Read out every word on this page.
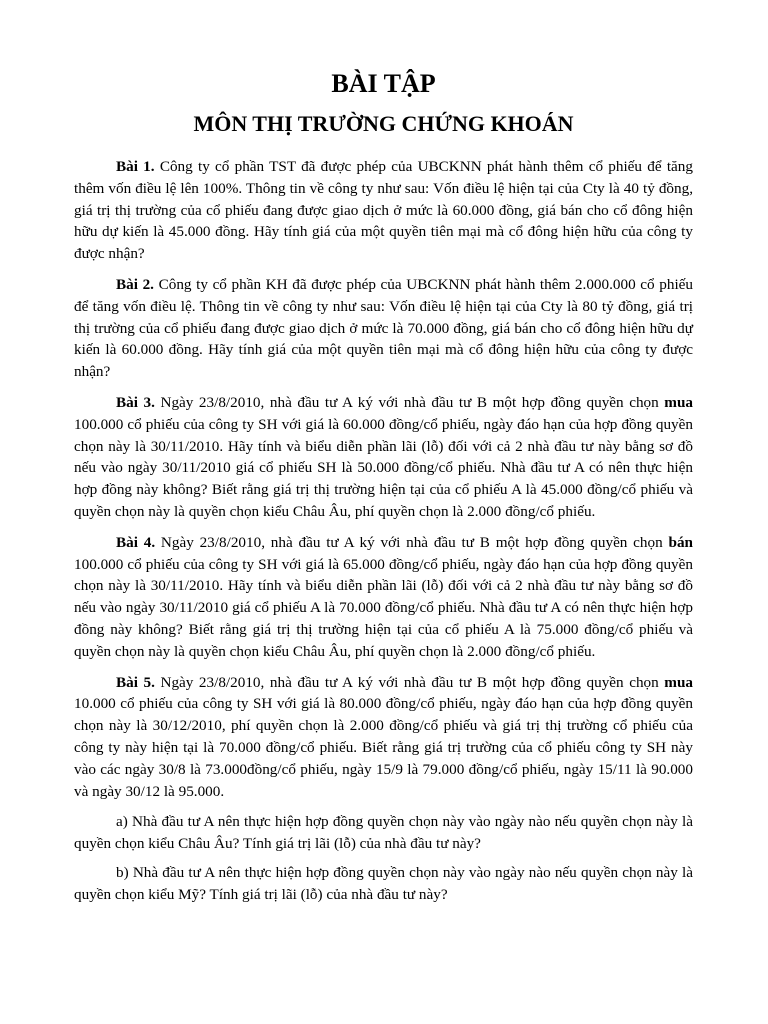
BÀI TẬP
MÔN THỊ TRƯỜNG CHỨNG KHOÁN

Bài 1. Công ty cổ phần TST đã được phép của UBCKNN phát hành thêm cổ phiếu để tăng thêm vốn điều lệ lên 100%. Thông tin về công ty như sau: Vốn điều lệ hiện tại của Cty là 40 tỷ đồng, giá trị thị trường của cổ phiếu đang được giao dịch ở mức là 60.000 đồng, giá bán cho cổ đông hiện hữu dự kiến là 45.000 đồng. Hãy tính giá của một quyền tiên mại mà cổ đông hiện hữu của công ty được nhận?

Bài 2. Công ty cổ phần KH đã được phép của UBCKNN phát hành thêm 2.000.000 cổ phiếu để tăng vốn điều lệ. Thông tin về công ty như sau: Vốn điều lệ hiện tại của Cty là 80 tỷ đồng, giá trị thị trường của cổ phiếu đang được giao dịch ở mức là 70.000 đồng, giá bán cho cổ đông hiện hữu dự kiến là 60.000 đồng. Hãy tính giá của một quyền tiên mại mà cổ đông hiện hữu của công ty được nhận?

Bài 3. Ngày 23/8/2010, nhà đầu tư A ký với nhà đầu tư B một hợp đồng quyền chọn mua 100.000 cổ phiếu của công ty SH với giá là 60.000 đồng/cổ phiếu, ngày đáo hạn của hợp đồng quyền chọn này là 30/11/2010. Hãy tính và biểu diễn phần lãi (lỗ) đối với cả 2 nhà đầu tư này bằng sơ đồ nếu vào ngày 30/11/2010 giá cổ phiếu SH là 50.000 đồng/cổ phiếu. Nhà đầu tư A có nên thực hiện hợp đồng này không? Biết rằng giá trị thị trường hiện tại của cổ phiếu A là 45.000 đồng/cổ phiếu và quyền chọn này là quyền chọn kiểu Châu Âu, phí quyền chọn là 2.000 đồng/cổ phiếu.

Bài 4. Ngày 23/8/2010, nhà đầu tư A ký với nhà đầu tư B một hợp đồng quyền chọn bán 100.000 cổ phiếu của công ty SH với giá là 65.000 đồng/cổ phiếu, ngày đáo hạn của hợp đồng quyền chọn này là 30/11/2010. Hãy tính và biểu diễn phần lãi (lỗ) đối với cả 2 nhà đầu tư này bằng sơ đồ nếu vào ngày 30/11/2010 giá cổ phiếu A là 70.000 đồng/cổ phiếu. Nhà đầu tư A có nên thực hiện hợp đồng này không? Biết rằng giá trị thị trường hiện tại của cổ phiếu A là 75.000 đồng/cổ phiếu và quyền chọn này là quyền chọn kiểu Châu Âu, phí quyền chọn là 2.000 đồng/cổ phiếu.

Bài 5. Ngày 23/8/2010, nhà đầu tư A ký với nhà đầu tư B một hợp đồng quyền chọn mua 10.000 cổ phiếu của công ty SH với giá là 80.000 đồng/cổ phiếu, ngày đáo hạn của hợp đồng quyền chọn này là 30/12/2010, phí quyền chọn là 2.000 đồng/cổ phiếu và giá trị thị trường cổ phiếu của công ty này hiện tại là 70.000 đồng/cổ phiếu. Biết rằng giá trị trường của cổ phiếu công ty SH này vào các ngày 30/8 là 73.000đồng/cổ phiếu, ngày 15/9 là 79.000 đồng/cổ phiếu, ngày 15/11 là 90.000 và ngày 30/12 là 95.000.

a) Nhà đầu tư A nên thực hiện hợp đồng quyền chọn này vào ngày nào nếu quyền chọn này là quyền chọn kiểu Châu Âu? Tính giá trị lãi (lỗ) của nhà đầu tư này?

b) Nhà đầu tư A nên thực hiện hợp đồng quyền chọn này vào ngày nào nếu quyền chọn này là quyền chọn kiểu Mỹ? Tính giá trị lãi (lỗ) của nhà đầu tư này?
